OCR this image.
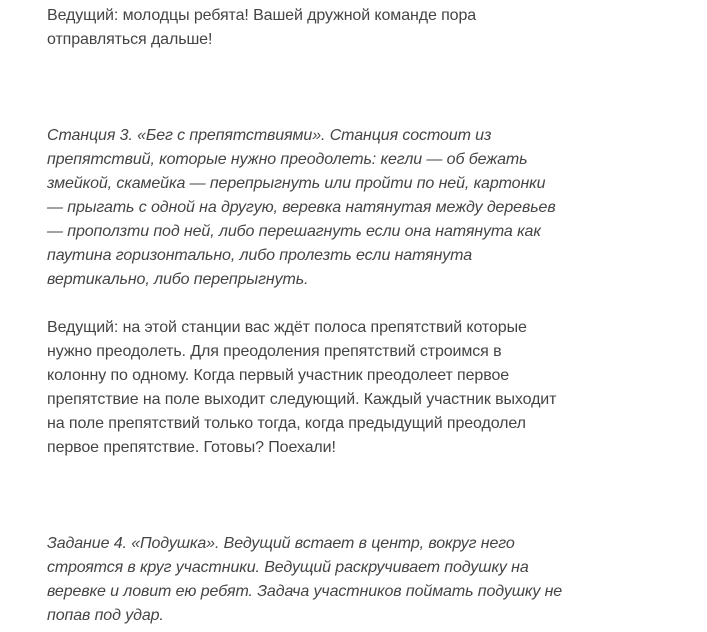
Ведущий: молодцы ребята! Вашей дружной команде пора
отправляться дальше!

Станция 3. «Бег с препятствиями». Станция состоит из
препятствий, которые нужно преодолеть: кегли — об бежать
змейкой, скамейка — перепрыгнуть или пройти по ней, картонки
— прыгать с одной на другую, веревка натянутая между деревьев
— проползти под ней, либо перешагнуть если она натянута как
паутина горизонтально, либо пролезть если натянута
вертикально, либо перепрыгнуть.

Ведущий: на этой станции вас ждёт полоса препятствий которые
нужно преодолеть. Для преодоления препятствий строимся в
колонну по одному. Когда первый участник преодолеет первое
препятствие на поле выходит следующий. Каждый участник выходит
на поле препятствий только тогда, когда предыдущий преодолел
первое препятствие. Готовы? Поехали!

Задание 4. «Подушка». Ведущий встает в центр, вокруг него
строятся в круг участники. Ведущий раскручивает подушку на
веревке и ловит ею ребят. Задача участников поймать подушку не
попав под удар.
